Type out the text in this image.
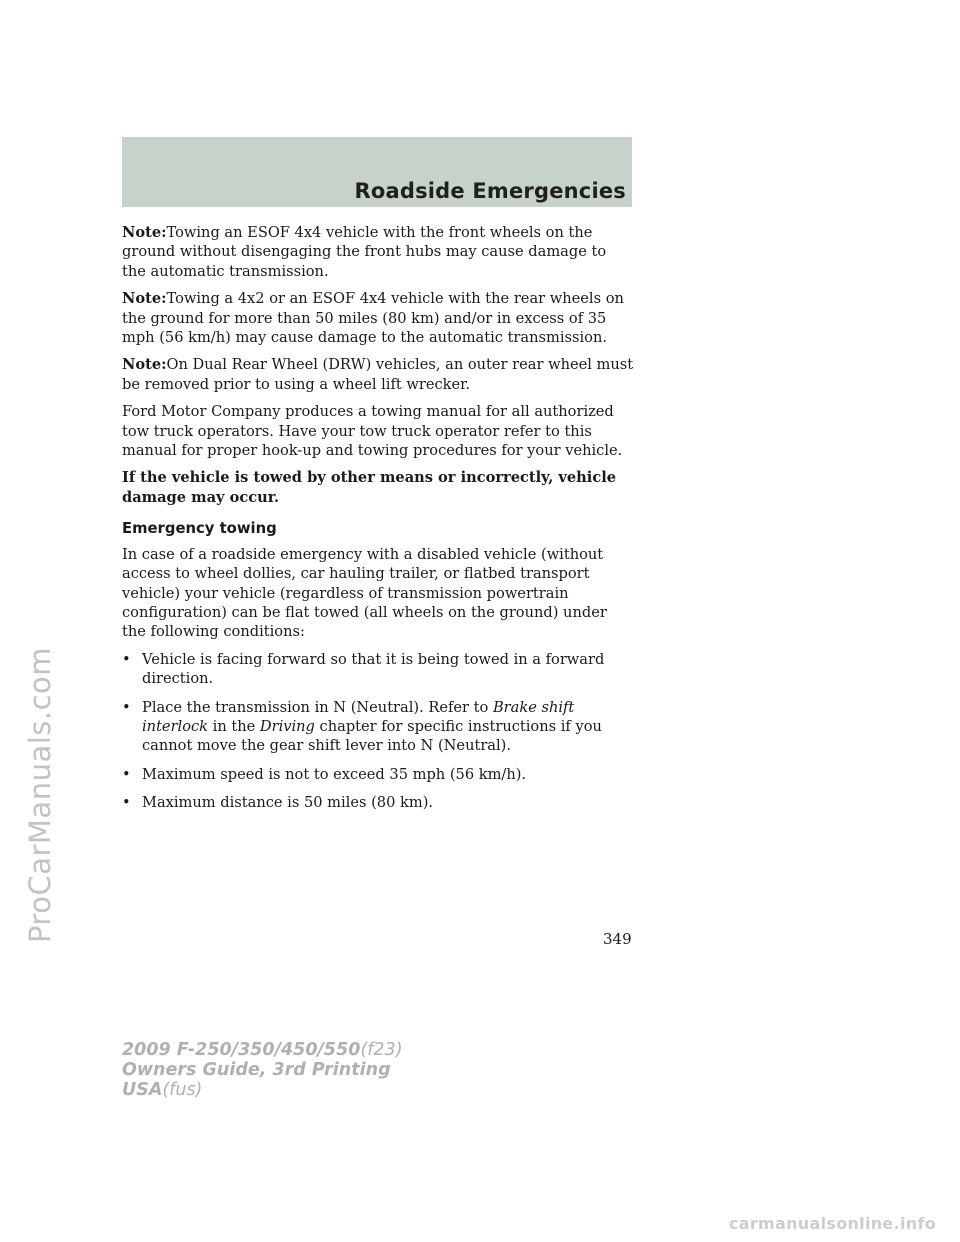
Roadside Emergencies

Note:Towing an ESOF 4x4 vehicle with the front wheels on the ground without disengaging the front hubs may cause damage to the automatic transmission.

Note:Towing a 4x2 or an ESOF 4x4 vehicle with the rear wheels on the ground for more than 50 miles (80 km) and/or in excess of 35 mph (56 km/h) may cause damage to the automatic transmission.

Note:On Dual Rear Wheel (DRW) vehicles, an outer rear wheel must be removed prior to using a wheel lift wrecker.

Ford Motor Company produces a towing manual for all authorized tow truck operators. Have your tow truck operator refer to this manual for proper hook-up and towing procedures for your vehicle.

If the vehicle is towed by other means or incorrectly, vehicle damage may occur.

Emergency towing

In case of a roadside emergency with a disabled vehicle (without access to wheel dollies, car hauling trailer, or flatbed transport vehicle) your vehicle (regardless of transmission powertrain configuration) can be flat towed (all wheels on the ground) under the following conditions:

• Vehicle is facing forward so that it is being towed in a forward direction.
• Place the transmission in N (Neutral). Refer to Brake shift interlock in the Driving chapter for specific instructions if you cannot move the gear shift lever into N (Neutral).
• Maximum speed is not to exceed 35 mph (56 km/h).
• Maximum distance is 50 miles (80 km).
349
2009 F-250/350/450/550(f23)
Owners Guide, 3rd Printing
USA(fus)
ProCarManuals.com
carmanualsonline.info
